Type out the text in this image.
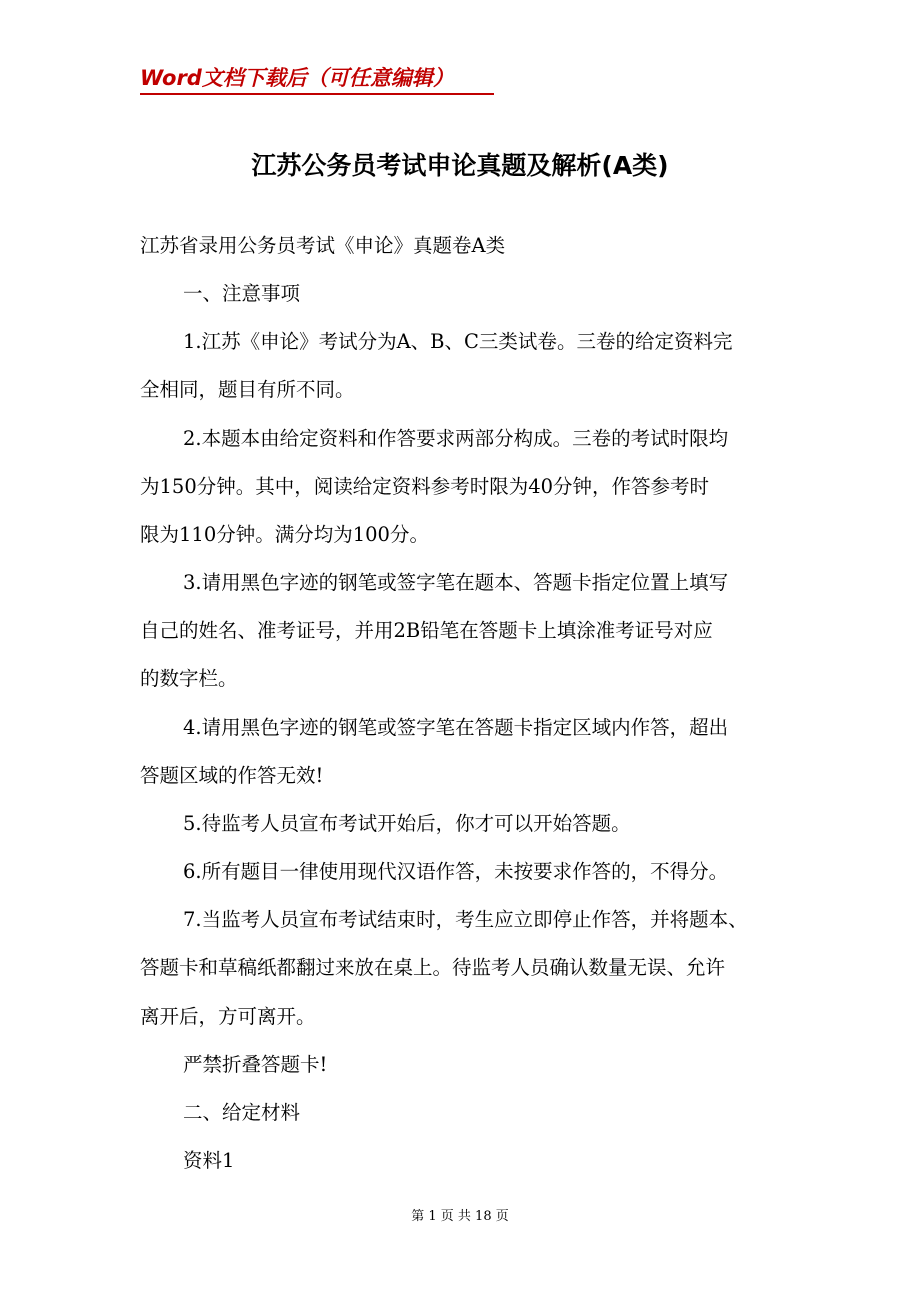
Word文档下载后（可任意编辑）
江苏公务员考试申论真题及解析(A类)
江苏省录用公务员考试《申论》真题卷A类
一、注意事项
1.江苏《申论》考试分为A、B、C三类试卷。三卷的给定资料完
全相同，题目有所不同。
2.本题本由给定资料和作答要求两部分构成。三卷的考试时限均
为150分钟。其中，阅读给定资料参考时限为40分钟，作答参考时
限为110分钟。满分均为100分。
3.请用黑色字迹的钢笔或签字笔在题本、答题卡指定位置上填写
自己的姓名、准考证号，并用2B铅笔在答题卡上填涂准考证号对应
的数字栏。
4.请用黑色字迹的钢笔或签字笔在答题卡指定区域内作答，超出
答题区域的作答无效!
5.待监考人员宣布考试开始后，你才可以开始答题。
6.所有题目一律使用现代汉语作答，未按要求作答的，不得分。
7.当监考人员宣布考试结束时，考生应立即停止作答，并将题本、
答题卡和草稿纸都翻过来放在桌上。待监考人员确认数量无误、允许
离开后，方可离开。
严禁折叠答题卡!
二、给定材料
资料1
第 1 页 共 18 页
